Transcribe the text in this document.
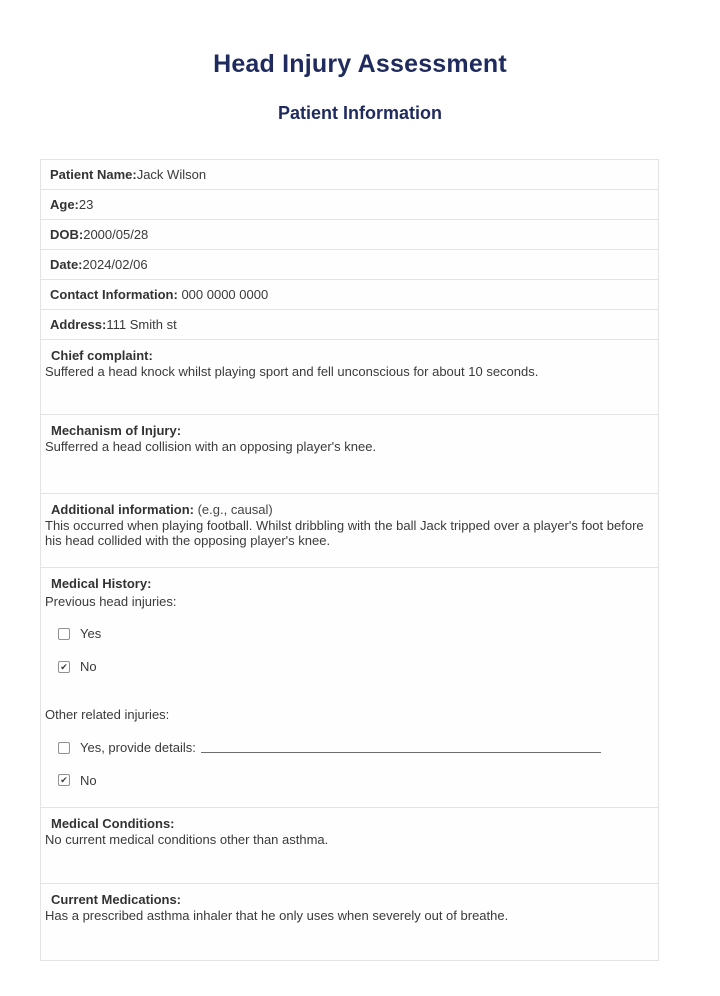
Head Injury Assessment
Patient Information
Patient Name: Jack Wilson
Age: 23
DOB: 2000/05/28
Date: 2024/02/06
Contact Information: 000 0000 0000
Address: 111 Smith st
Chief complaint:

Suffered a head knock whilst playing sport and fell unconscious for about 10 seconds.

Mechanism of Injury:

Sufferred a head collision with an opposing player's knee.

Additional information: (e.g., causal)

This occurred when playing football. Whilst dribbling with the ball Jack tripped over a player's foot before his head collided with the opposing player's knee.

Medical History:
Previous head injuries:
Yes
✔ No
Other related injuries:
Yes, provide details:
✔ No
Medical Conditions:

No current medical conditions other than asthma.

Current Medications:

Has a prescribed asthma inhaler that he only uses when severely out of breathe.
